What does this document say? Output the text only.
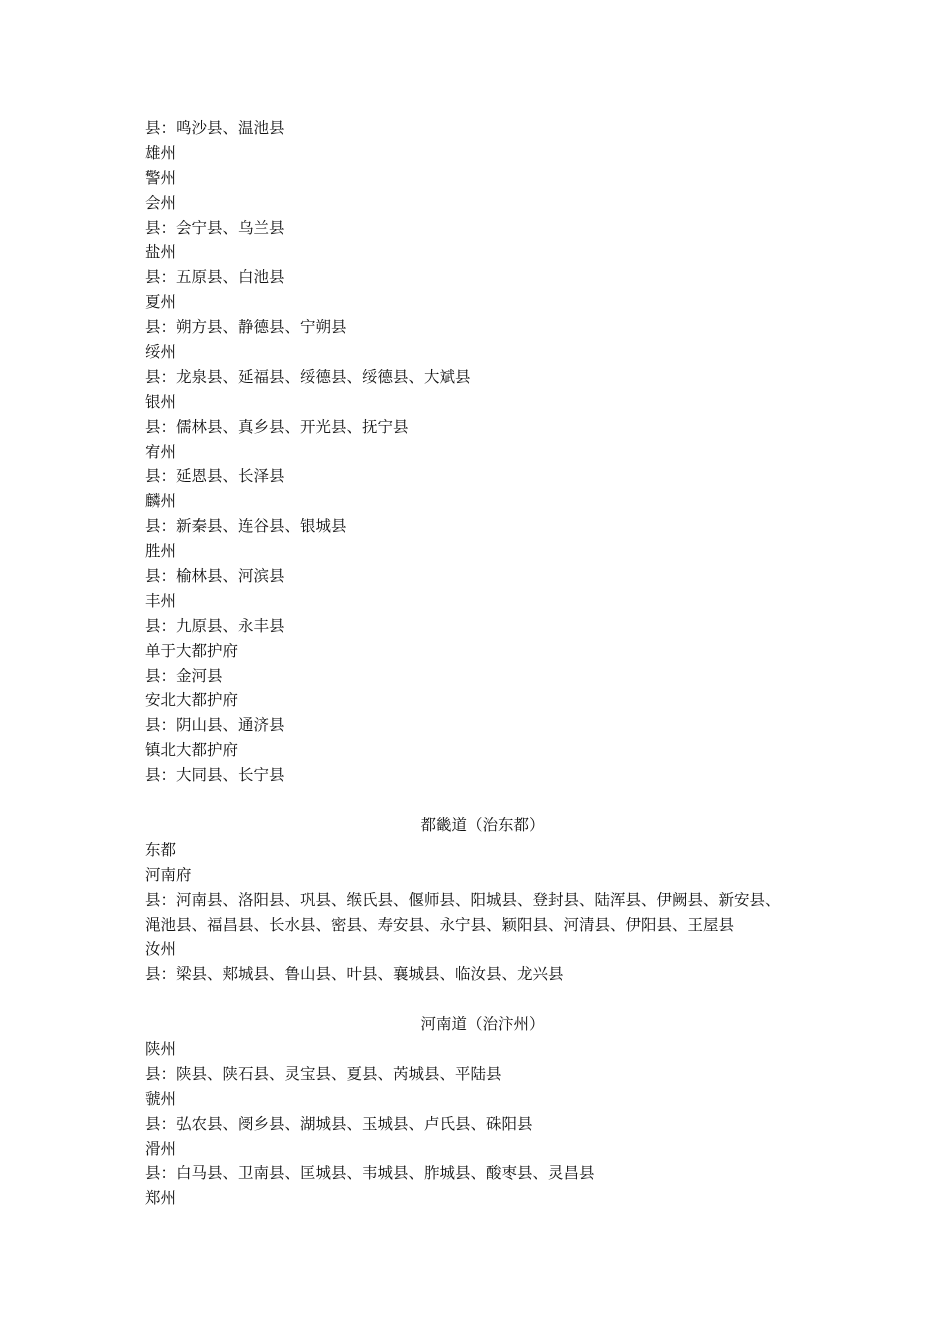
县：鸣沙县、温池县
雄州
警州
会州
县：会宁县、乌兰县
盐州
县：五原县、白池县
夏州
县：朔方县、静德县、宁朔县
绥州
县：龙泉县、延福县、绥德县、绥德县、大斌县
银州
县：儒林县、真乡县、开光县、抚宁县
宥州
县：延恩县、长泽县
麟州
县：新秦县、连谷县、银城县
胜州
县：榆林县、河滨县
丰州
县：九原县、永丰县
单于大都护府
县：金河县
安北大都护府
县：阴山县、通济县
镇北大都护府
县：大同县、长宁县
都畿道（治东都）
东都
河南府
县：河南县、洛阳县、巩县、缑氏县、偃师县、阳城县、登封县、陆浑县、伊阙县、新安县、
渑池县、福昌县、长水县、密县、寿安县、永宁县、颖阳县、河清县、伊阳县、王屋县
汝州
县：梁县、郏城县、鲁山县、叶县、襄城县、临汝县、龙兴县
河南道（治汴州）
陕州
县：陕县、陕石县、灵宝县、夏县、芮城县、平陆县
虢州
县：弘农县、阌乡县、湖城县、玉城县、卢氏县、硃阳县
滑州
县：白马县、卫南县、匡城县、韦城县、胙城县、酸枣县、灵昌县
郑州
